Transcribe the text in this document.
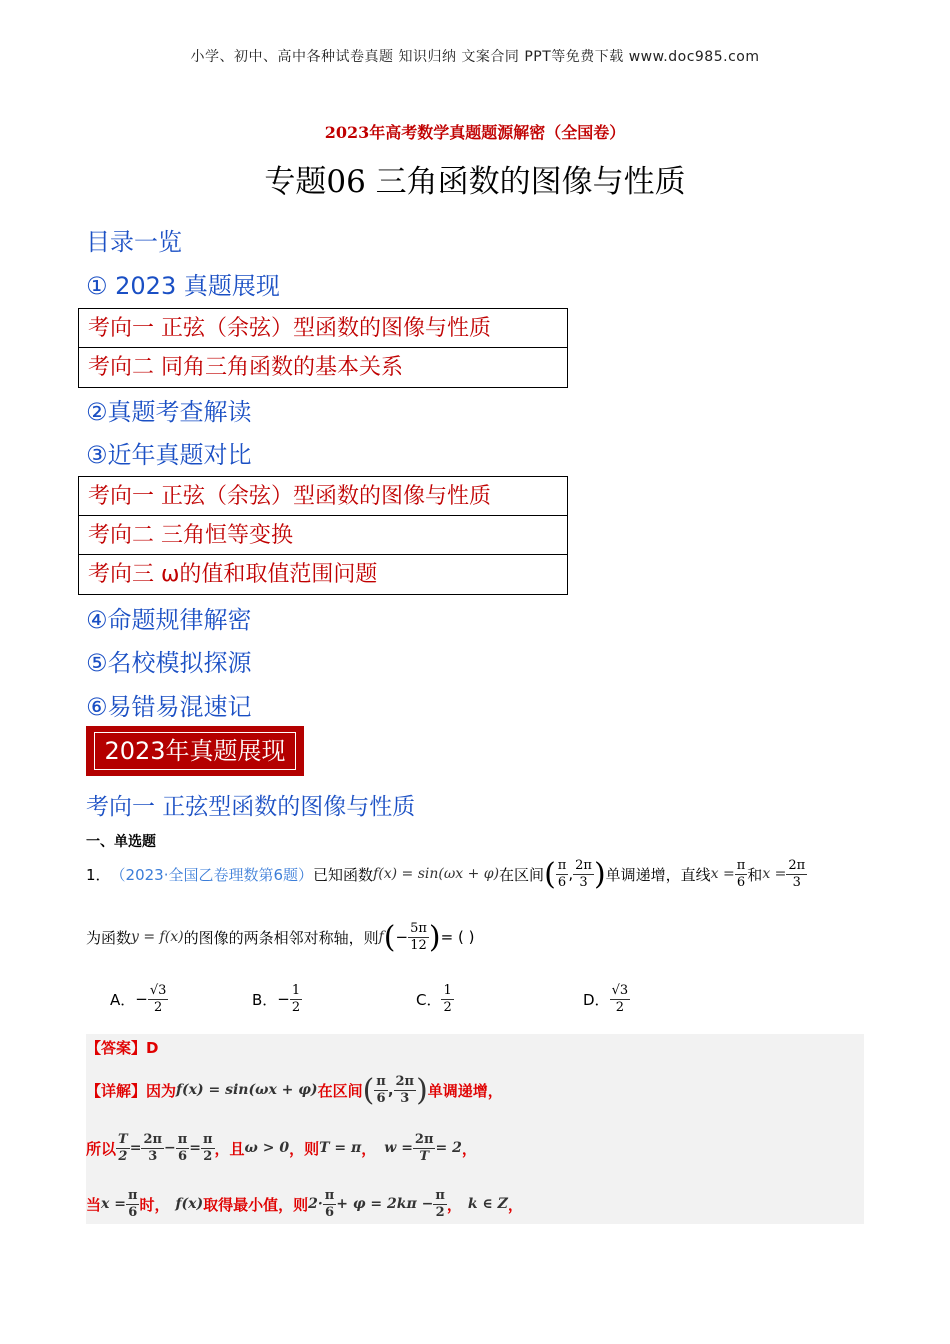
小学、初中、高中各种试卷真题 知识归纳 文案合同 PPT等免费下载 www.doc985.com
2023年高考数学真题题源解密（全国卷）
专题06 三角函数的图像与性质
目录一览
① 2023 真题展现
考向一 正弦（余弦）型函数的图像与性质
考向二 同角三角函数的基本关系
②真题考查解读
③近年真题对比
考向一 正弦（余弦）型函数的图像与性质
考向二 三角恒等变换
考向三 ω的值和取值范围问题
④命题规律解密
⑤名校模拟探源
⑥易错易混速记
2023年真题展现
考向一 正弦型函数的图像与性质
一、单选题
1． （2023·全国乙卷理数第6题） 已知函数 f(x) = sin(ωx + φ) 在区间 ( $\frac{\pi}{6}$ , $\frac{2\pi}{3}$ ) 单调递增，直线 $x = \frac{\pi}{6}$ 和 $x = \frac{2\pi}{3}$
为函数 y = f(x) 的图像的两条相邻对称轴，则 f ( − $\frac{5\pi}{12}$ ) = ( )
A． − $\frac{√3}{2}$	B． − $\frac{1}{2}$	C． $\frac{1}{2}$	D． $\frac{√3}{2}$
【答案】D
【详解】因为 f(x) = sin(ωx + φ) 在区间 ( $\frac{\pi}{6}$ , $\frac{2\pi}{3}$ ) 单调递增，
所以 $\frac{T}{2} = \frac{2\pi}{3} - \frac{\pi}{6} = \frac{\pi}{2}$ ，且 ω > 0 ，则 T = π ， $w = \frac{2\pi}{T} = 2$ ，
当 $x = \frac{\pi}{6}$ 时， f(x) 取得最小值，则 $2\cdot \frac{\pi}{6} + \varphi = 2k\pi - \frac{\pi}{2}$ ， k ∈ Z ，
